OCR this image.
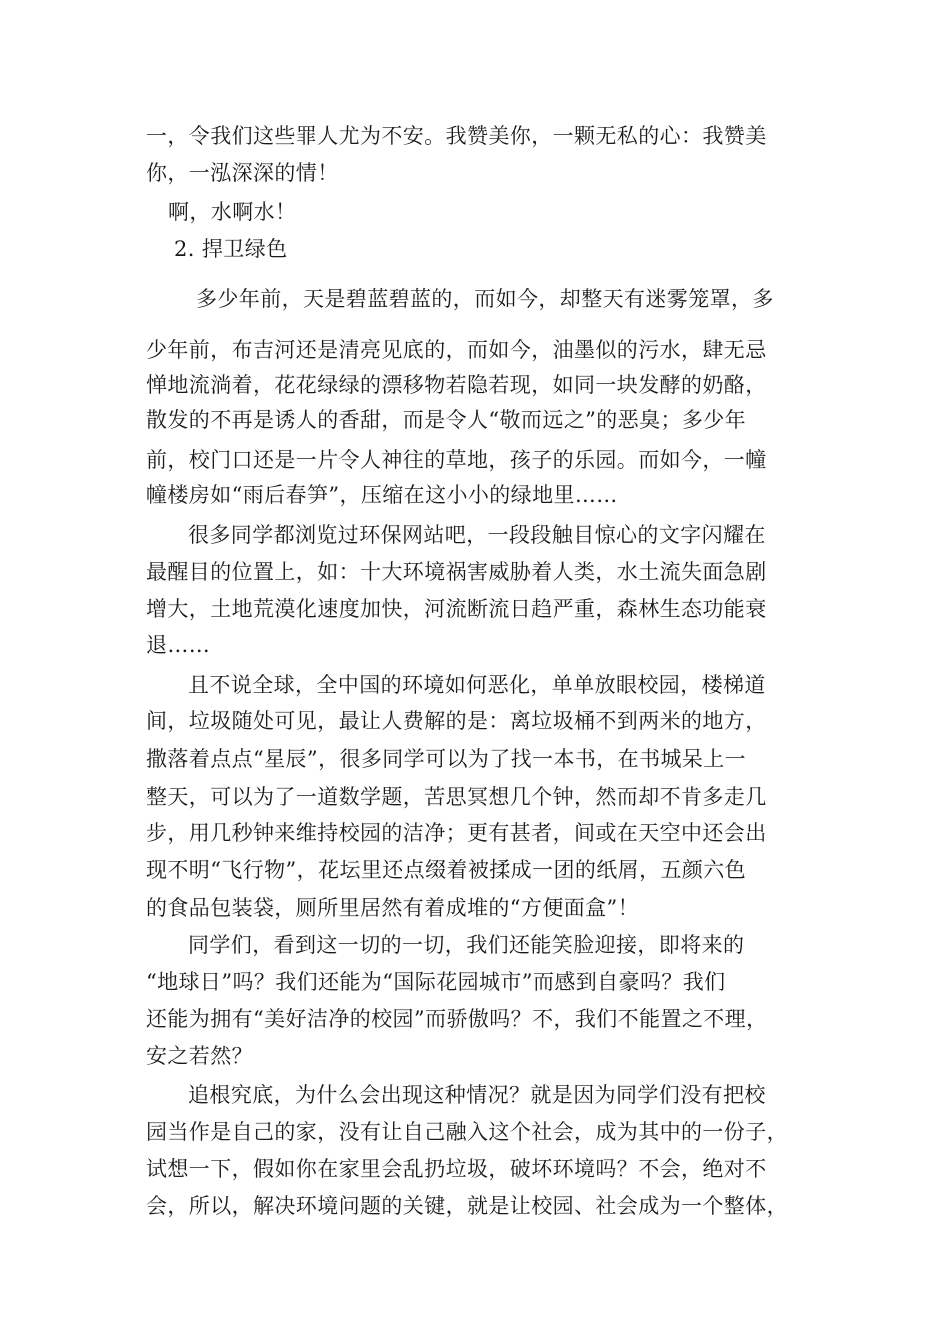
一，令我们这些罪人尤为不安。我赞美你，一颗无私的心：我赞美
你，一泓深深的情！
啊，水啊水！
2. 捍卫绿色
多少年前，天是碧蓝碧蓝的，而如今，却整天有迷雾笼罩，多
少年前，布吉河还是清亮见底的，而如今，油墨似的污水，肆无忌
惮地流淌着，花花绿绿的漂移物若隐若现，如同一块发酵的奶酪，
散发的不再是诱人的香甜，而是令人“敬而远之”的恶臭；多少年
前，校门口还是一片令人神往的草地，孩子的乐园。而如今，一幢
幢楼房如“雨后春笋”，压缩在这小小的绿地里……
很多同学都浏览过环保网站吧，一段段触目惊心的文字闪耀在
最醒目的位置上，如：十大环境祸害威胁着人类，水土流失面急剧
增大，土地荒漠化速度加快，河流断流日趋严重，森林生态功能衰
退……
且不说全球，全中国的环境如何恶化，单单放眼校园，楼梯道
间，垃圾随处可见，最让人费解的是：离垃圾桶不到两米的地方，
撒落着点点“星辰”，很多同学可以为了找一本书，在书城呆上一
整天，可以为了一道数学题，苦思冥想几个钟，然而却不肯多走几
步，用几秒钟来维持校园的洁净；更有甚者，间或在天空中还会出
现不明“飞行物”，花坛里还点缀着被揉成一团的纸屑，五颜六色
的食品包装袋，厕所里居然有着成堆的“方便面盒”！
同学们，看到这一切的一切，我们还能笑脸迎接，即将来的
“地球日”吗？我们还能为“国际花园城市”而感到自豪吗？我们
还能为拥有“美好洁净的校园”而骄傲吗？不，我们不能置之不理，
安之若然？
追根究底，为什么会出现这种情况？就是因为同学们没有把校
园当作是自己的家，没有让自己融入这个社会，成为其中的一份子，
试想一下，假如你在家里会乱扔垃圾，破坏环境吗？不会，绝对不
会，所以，解决环境问题的关键，就是让校园、社会成为一个整体，
